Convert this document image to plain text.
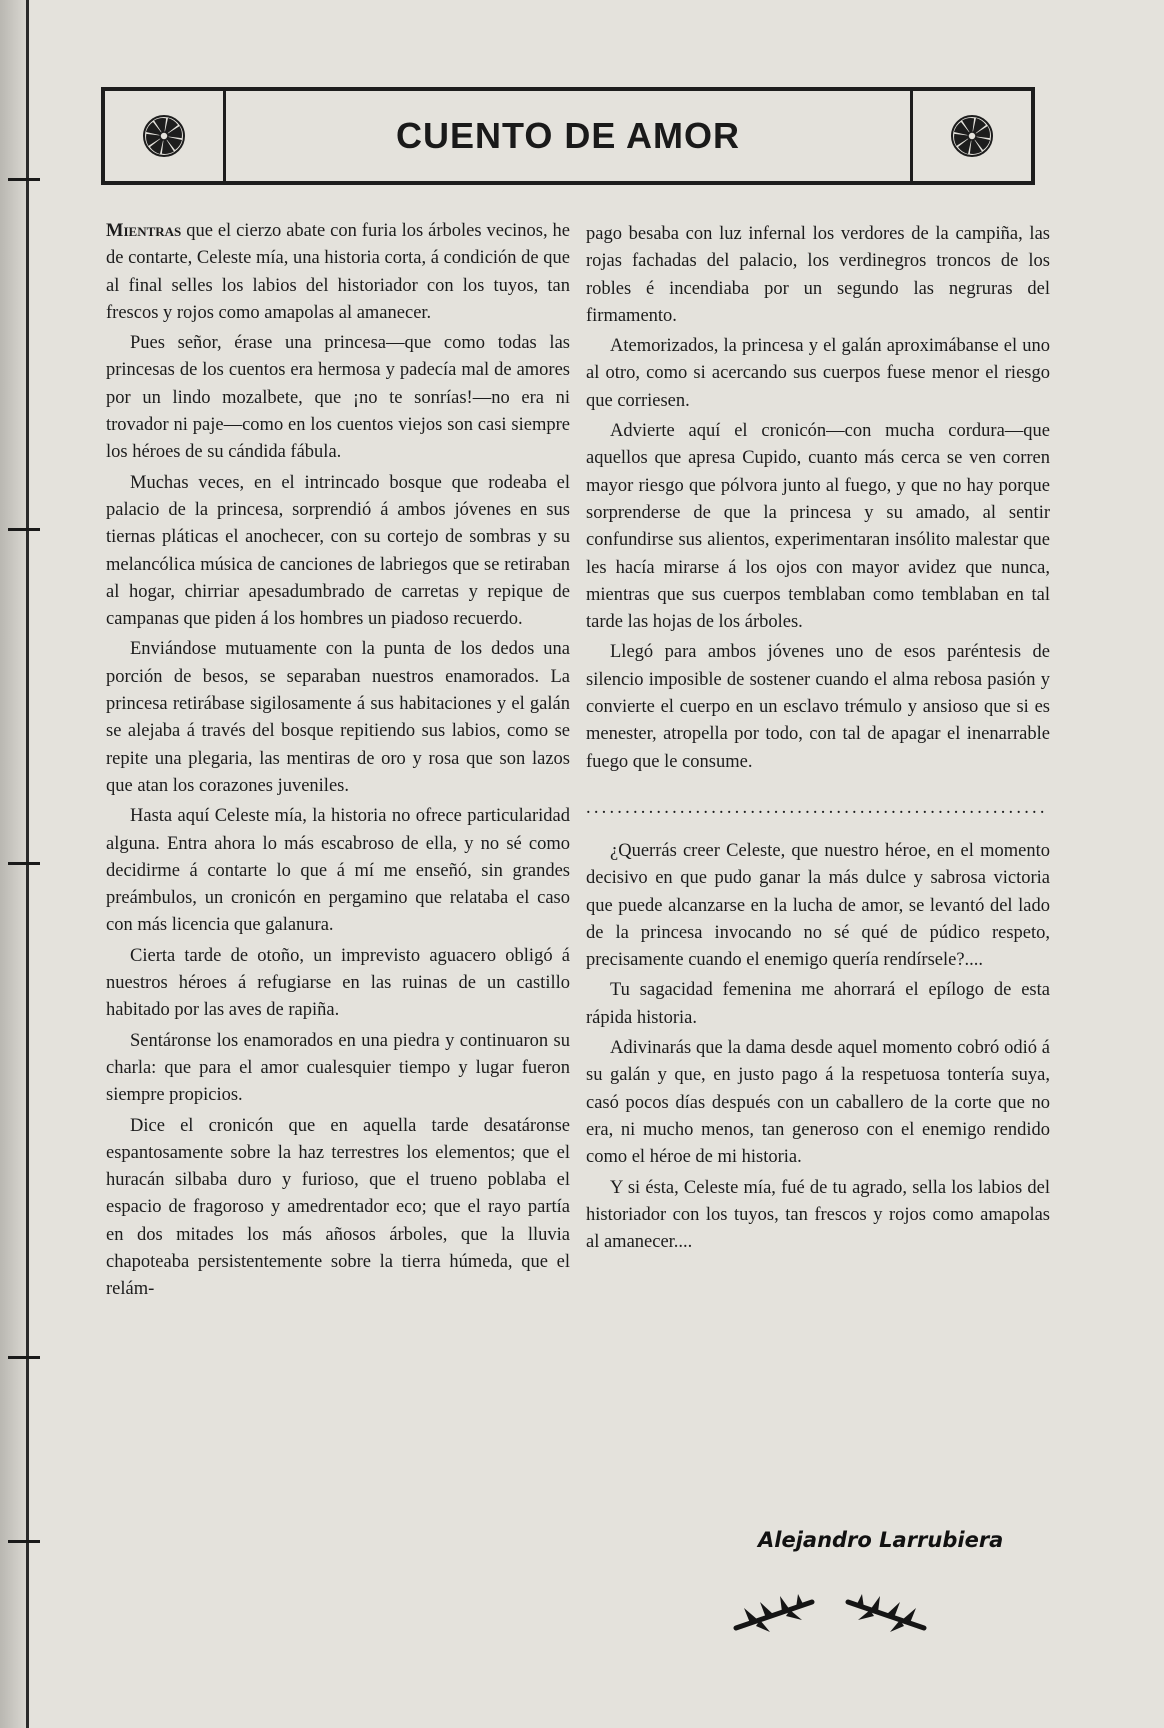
CUENTO DE AMOR

Mientras que el cierzo abate con furia los árboles vecinos, he de contarte, Celeste mía, una historia corta, á condición de que al final selles los labios del historiador con los tuyos, tan frescos y rojos como amapolas al amanecer.

Pues señor, érase una princesa—que como todas las princesas de los cuentos era hermosa y padecía mal de amores por un lindo mozalbete, que ¡no te sonrías!—no era ni trovador ni paje—como en los cuentos viejos son casi siempre los héroes de su cándida fábula.

Muchas veces, en el intrincado bosque que rodeaba el palacio de la princesa, sorprendió á ambos jóvenes en sus tiernas pláticas el anochecer, con su cortejo de sombras y su melancólica música de canciones de labriegos que se retiraban al hogar, chirriar apesadumbrado de carretas y repique de campanas que piden á los hombres un piadoso recuerdo.

Enviándose mutuamente con la punta de los dedos una porción de besos, se separaban nuestros enamorados. La princesa retirábase sigilosamente á sus habitaciones y el galán se alejaba á través del bosque repitiendo sus labios, como se repite una plegaria, las mentiras de oro y rosa que son lazos que atan los corazones juveniles.

Hasta aquí Celeste mía, la historia no ofrece particularidad alguna. Entra ahora lo más escabroso de ella, y no sé como decidirme á contarte lo que á mí me enseñó, sin grandes preámbulos, un cronicón en pergamino que relataba el caso con más licencia que galanura.

Cierta tarde de otoño, un imprevisto aguacero obligó á nuestros héroes á refugiarse en las ruinas de un castillo habitado por las aves de rapiña.

Sentáronse los enamorados en una piedra y continuaron su charla: que para el amor cualesquier tiempo y lugar fueron siempre propicios.

Dice el cronicón que en aquella tarde desatáronse espantosamente sobre la haz terrestres los elementos; que el huracán silbaba duro y furioso, que el trueno poblaba el espacio de fragoroso y amedrentador eco; que el rayo partía en dos mitades los más añosos árboles, que la lluvia chapoteaba persistentemente sobre la tierra húmeda, que el relám-

pago besaba con luz infernal los verdores de la campiña, las rojas fachadas del palacio, los verdinegros troncos de los robles é incendiaba por un segundo las negruras del firmamento.

Atemorizados, la princesa y el galán aproximábanse el uno al otro, como si acercando sus cuerpos fuese menor el riesgo que corriesen.

Advierte aquí el cronicón—con mucha cordura—que aquellos que apresa Cupido, cuanto más cerca se ven corren mayor riesgo que pólvora junto al fuego, y que no hay porque sorprenderse de que la princesa y su amado, al sentir confundirse sus alientos, experimentaran insólito malestar que les hacía mirarse á los ojos con mayor avidez que nunca, mientras que sus cuerpos temblaban como temblaban en tal tarde las hojas de los árboles.

Llegó para ambos jóvenes uno de esos paréntesis de silencio imposible de sostener cuando el alma rebosa pasión y convierte el cuerpo en un esclavo trémulo y ansioso que si es menester, atropella por todo, con tal de apagar el inenarrable fuego que le consume.

...........................................................

¿Querrás creer Celeste, que nuestro héroe, en el momento decisivo en que pudo ganar la más dulce y sabrosa victoria que puede alcanzarse en la lucha de amor, se levantó del lado de la princesa invocando no sé qué de púdico respeto, precisamente cuando el enemigo quería rendírsele?....

Tu sagacidad femenina me ahorrará el epílogo de esta rápida historia.

Adivinarás que la dama desde aquel momento cobró odió á su galán y que, en justo pago á la respetuosa tontería suya, casó pocos días después con un caballero de la corte que no era, ni mucho menos, tan generoso con el enemigo rendido como el héroe de mi historia.

Y si ésta, Celeste mía, fué de tu agrado, sella los labios del historiador con los tuyos, tan frescos y rojos como amapolas al amanecer....

Alejandro Larrubiera
